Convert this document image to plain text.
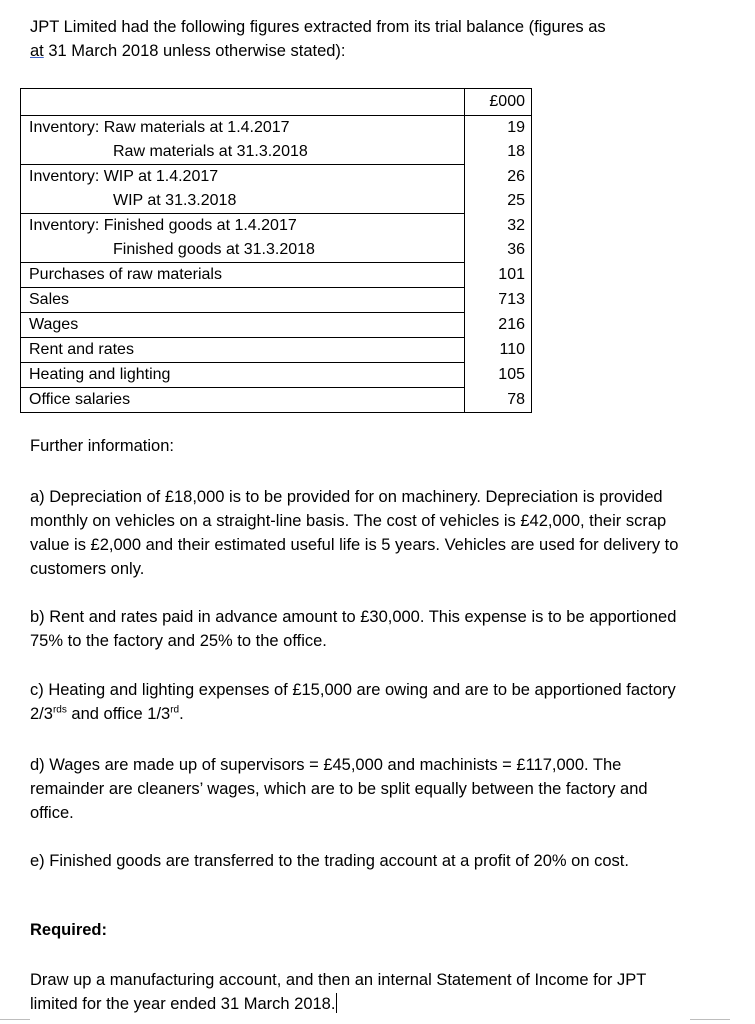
JPT Limited had the following figures extracted from its trial balance (figures as
at 31 March 2018 unless otherwise stated):

	£000
Inventory: Raw materials at 1.4.2017	19
Raw materials at 31.3.2018	18
Inventory: WIP at 1.4.2017	26
WIP at 31.3.2018	25
Inventory: Finished goods at 1.4.2017	32
Finished goods at 31.3.2018	36
Purchases of raw materials	101
Sales	713
Wages	216
Rent and rates	110
Heating and lighting	105
Office salaries	78

Further information:

a) Depreciation of £18,000 is to be provided for on machinery. Depreciation is provided monthly on vehicles on a straight-line basis. The cost of vehicles is £42,000, their scrap value is £2,000 and their estimated useful life is 5 years. Vehicles are used for delivery to customers only.

b) Rent and rates paid in advance amount to £30,000. This expense is to be apportioned 75% to the factory and 25% to the office.

c) Heating and lighting expenses of £15,000 are owing and are to be apportioned factory $2/3^{rds}$ and office 1/3rd.

d) Wages are made up of supervisors = £45,000 and machinists = £117,000. The remainder are cleaners’ wages, which are to be split equally between the factory and office.

e) Finished goods are transferred to the trading account at a profit of 20% on cost.

Required:

Draw up a manufacturing account, and then an internal Statement of Income for JPT limited for the year ended 31 March 2018.
